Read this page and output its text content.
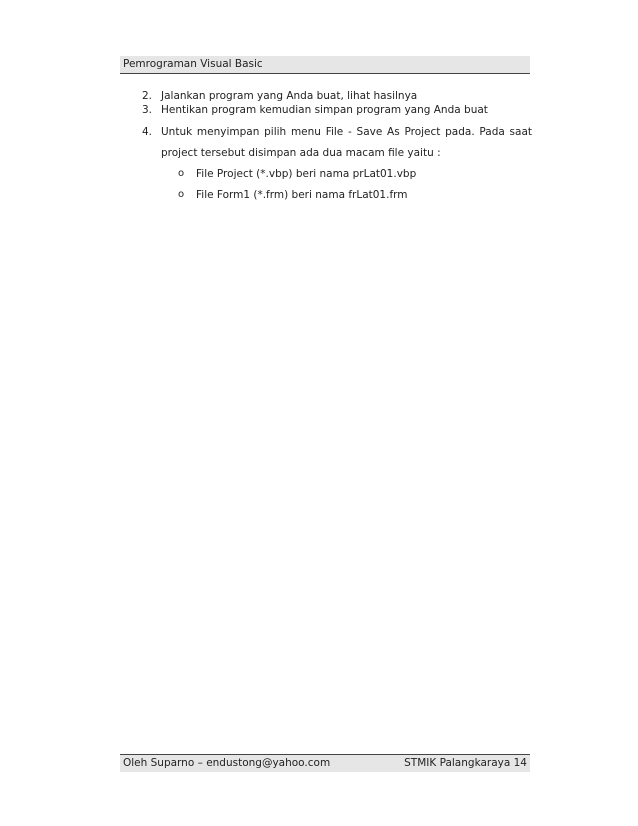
Pemrograman Visual Basic
2. Jalankan program yang Anda buat, lihat hasilnya
3. Hentikan program kemudian simpan program yang Anda buat
4. Untuk menyimpan pilih menu File - Save As Project pada. Pada saat
project tersebut disimpan ada dua macam file yaitu :
o File Project (*.vbp) beri nama prLat01.vbp
o File Form1 (*.frm) beri nama frLat01.frm
Oleh Suparno – endustong@yahoo.com	STMIK Palangkaraya 14
